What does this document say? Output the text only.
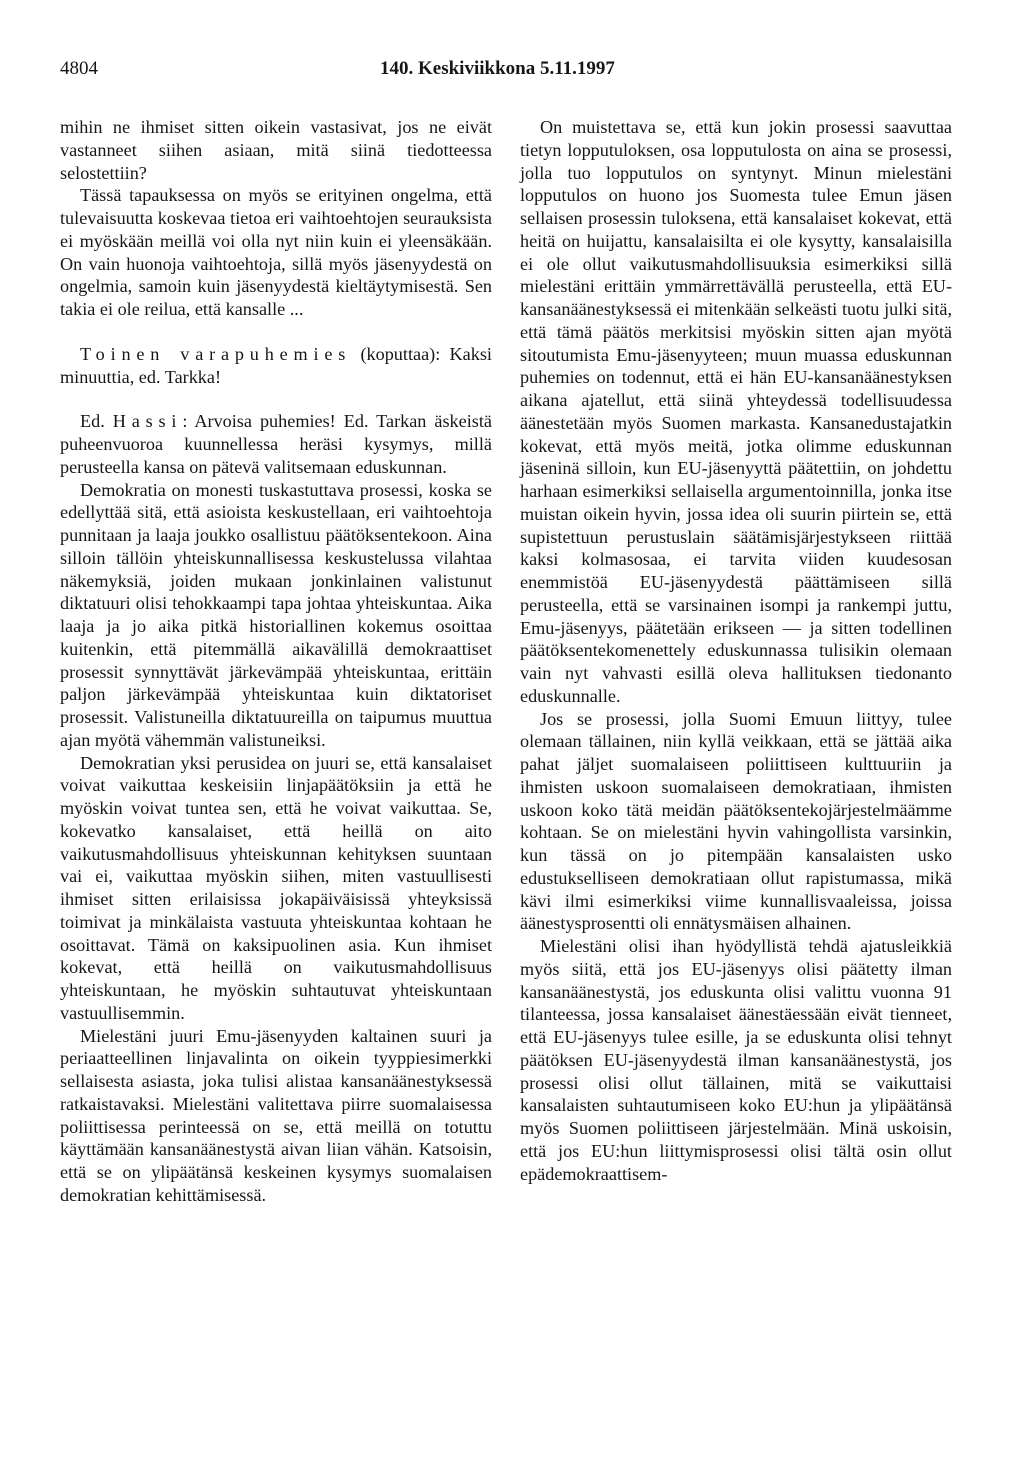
4804	140. Keskiviikkona 5.11.1997

mihin ne ihmiset sitten oikein vastasivat, jos ne eivät vastanneet siihen asiaan, mitä siinä tiedotteessa selostettiin?

Tässä tapauksessa on myös se erityinen ongelma, että tulevaisuutta koskevaa tietoa eri vaihtoehtojen seurauksista ei myöskään meillä voi olla nyt niin kuin ei yleensäkään. On vain huonoja vaihtoehtoja, sillä myös jäsenyydestä on ongelmia, samoin kuin jäsenyydestä kieltäytymisestä. Sen takia ei ole reilua, että kansalle ...

Toinen varapuhemies (koputtaa): Kaksi minuuttia, ed. Tarkka!

Ed. Hassi: Arvoisa puhemies! Ed. Tarkan äskeistä puheenvuoroa kuunnellessa heräsi kysymys, millä perusteella kansa on pätevä valitsemaan eduskunnan.

Demokratia on monesti tuskastuttava prosessi, koska se edellyttää sitä, että asioista keskustellaan, eri vaihtoehtoja punnitaan ja laaja joukko osallistuu päätöksentekoon. Aina silloin tällöin yhteiskunnallisessa keskustelussa vilahtaa näkemyksiä, joiden mukaan jonkinlainen valistunut diktatuuri olisi tehokkaampi tapa johtaa yhteiskuntaa. Aika laaja ja jo aika pitkä historiallinen kokemus osoittaa kuitenkin, että pitemmällä aikavälillä demokraattiset prosessit synnyttävät järkevämpää yhteiskuntaa, erittäin paljon järkevämpää yhteiskuntaa kuin diktatoriset prosessit. Valistuneilla diktatuureilla on taipumus muuttua ajan myötä vähemmän valistuneiksi.

Demokratian yksi perusidea on juuri se, että kansalaiset voivat vaikuttaa keskeisiin linjapäätöksiin ja että he myöskin voivat tuntea sen, että he voivat vaikuttaa. Se, kokevatko kansalaiset, että heillä on aito vaikutusmahdollisuus yhteiskunnan kehityksen suuntaan vai ei, vaikuttaa myöskin siihen, miten vastuullisesti ihmiset sitten erilaisissa jokapäiväisissä yhteyksissä toimivat ja minkälaista vastuuta yhteiskuntaa kohtaan he osoittavat. Tämä on kaksipuolinen asia. Kun ihmiset kokevat, että heillä on vaikutusmahdollisuus yhteiskuntaan, he myöskin suhtautuvat yhteiskuntaan vastuullisemmin.

Mielestäni juuri Emu-jäsenyyden kaltainen suuri ja periaatteellinen linjavalinta on oikein tyyppiesimerkki sellaisesta asiasta, joka tulisi alistaa kansanäänestyksessä ratkaistavaksi. Mielestäni valitettava piirre suomalaisessa poliittisessa perinteessä on se, että meillä on totuttu käyttämään kansanäänestystä aivan liian vähän. Katsoisin, että se on ylipäätänsä keskeinen kysymys suomalaisen demokratian kehittämisessä.

On muistettava se, että kun jokin prosessi saavuttaa tietyn lopputuloksen, osa lopputulosta on aina se prosessi, jolla tuo lopputulos on syntynyt. Minun mielestäni lopputulos on huono jos Suomesta tulee Emun jäsen sellaisen prosessin tuloksena, että kansalaiset kokevat, että heitä on huijattu, kansalaisilta ei ole kysytty, kansalaisilla ei ole ollut vaikutusmahdollisuuksia esimerkiksi sillä mielestäni erittäin ymmärrettävällä perusteella, että EU-kansanäänestyksessä ei mitenkään selkeästi tuotu julki sitä, että tämä päätös merkitsisi myöskin sitten ajan myötä sitoutumista Emu-jäsenyyteen; muun muassa eduskunnan puhemies on todennut, että ei hän EU-kansanäänestyksen aikana ajatellut, että siinä yhteydessä todellisuudessa äänestetään myös Suomen markasta. Kansanedustajatkin kokevat, että myös meitä, jotka olimme eduskunnan jäseninä silloin, kun EU-jäsenyyttä päätettiin, on johdettu harhaan esimerkiksi sellaisella argumentoinnilla, jonka itse muistan oikein hyvin, jossa idea oli suurin piirtein se, että supistettuun perustuslain säätämisjärjestykseen riittää kaksi kolmasosaa, ei tarvita viiden kuudesosan enemmistöä EU-jäsenyydestä päättämiseen sillä perusteella, että se varsinainen isompi ja rankempi juttu, Emu-jäsenyys, päätetään erikseen — ja sitten todellinen päätöksentekomenettely eduskunnassa tulisikin olemaan vain nyt vahvasti esillä oleva hallituksen tiedonanto eduskunnalle.

Jos se prosessi, jolla Suomi Emuun liittyy, tulee olemaan tällainen, niin kyllä veikkaan, että se jättää aika pahat jäljet suomalaiseen poliittiseen kulttuuriin ja ihmisten uskoon suomalaiseen demokratiaan, ihmisten uskoon koko tätä meidän päätöksentekojärjestelmäämme kohtaan. Se on mielestäni hyvin vahingollista varsinkin, kun tässä on jo pitempään kansalaisten usko edustukselliseen demokratiaan ollut rapistumassa, mikä kävi ilmi esimerkiksi viime kunnallisvaaleissa, joissa äänestysprosentti oli ennätysmäisen alhainen.

Mielestäni olisi ihan hyödyllistä tehdä ajatusleikkiä myös siitä, että jos EU-jäsenyys olisi päätetty ilman kansanäänestystä, jos eduskunta olisi valittu vuonna 91 tilanteessa, jossa kansalaiset äänestäessään eivät tienneet, että EU-jäsenyys tulee esille, ja se eduskunta olisi tehnyt päätöksen EU-jäsenyydestä ilman kansanäänestystä, jos prosessi olisi ollut tällainen, mitä se vaikuttaisi kansalaisten suhtautumiseen koko EU:hun ja ylipäätänsä myös Suomen poliittiseen järjestelmään. Minä uskoisin, että jos EU:hun liittymisprosessi olisi tältä osin ollut epädemokraattisem-
